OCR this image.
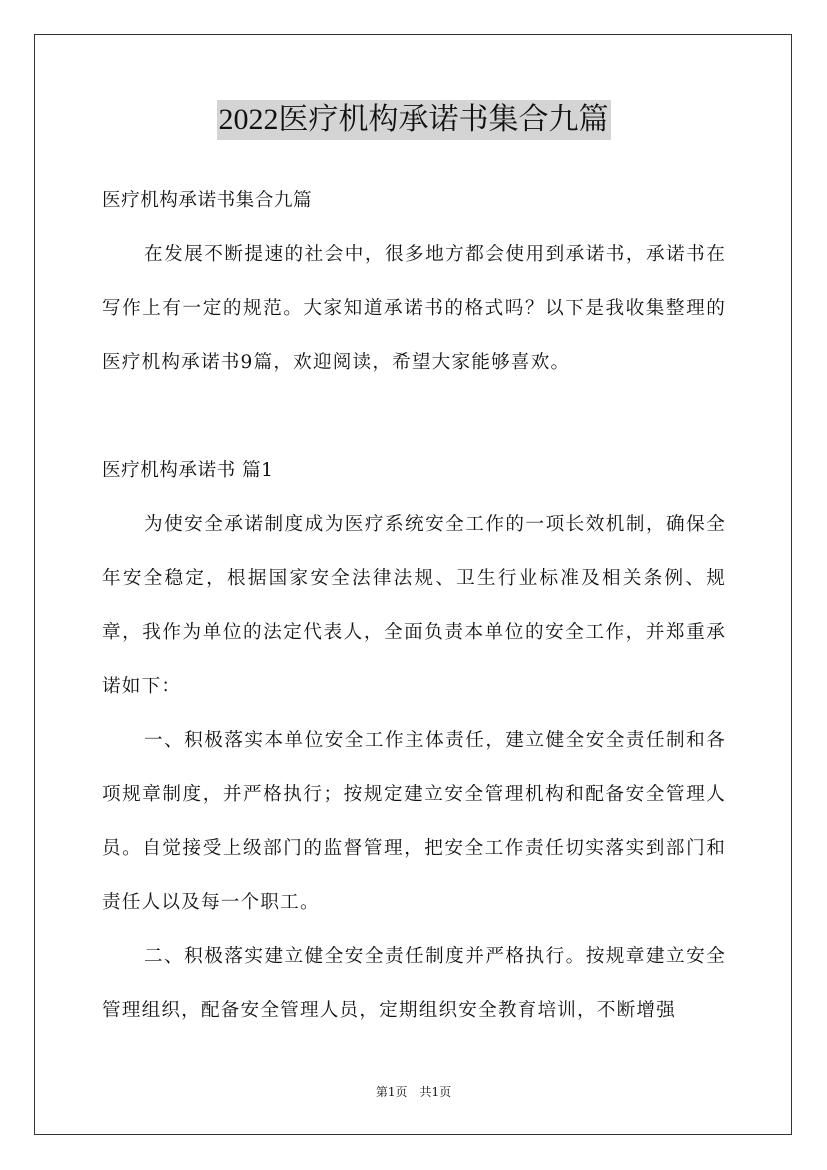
2022医疗机构承诺书集合九篇

医疗机构承诺书集合九篇

在发展不断提速的社会中，很多地方都会使用到承诺书，承诺书在写作上有一定的规范。大家知道承诺书的格式吗？以下是我收集整理的医疗机构承诺书9篇，欢迎阅读，希望大家能够喜欢。

医疗机构承诺书 篇1

为使安全承诺制度成为医疗系统安全工作的一项长效机制，确保全年安全稳定，根据国家安全法律法规、卫生行业标准及相关条例、规章，我作为单位的法定代表人，全面负责本单位的安全工作，并郑重承诺如下：

一、积极落实本单位安全工作主体责任，建立健全安全责任制和各项规章制度，并严格执行；按规定建立安全管理机构和配备安全管理人员。自觉接受上级部门的监督管理，把安全工作责任切实落实到部门和责任人以及每一个职工。

二、积极落实建立健全安全责任制度并严格执行。按规章建立安全管理组织，配备安全管理人员，定期组织安全教育培训，不断增强

第1页 共1页
